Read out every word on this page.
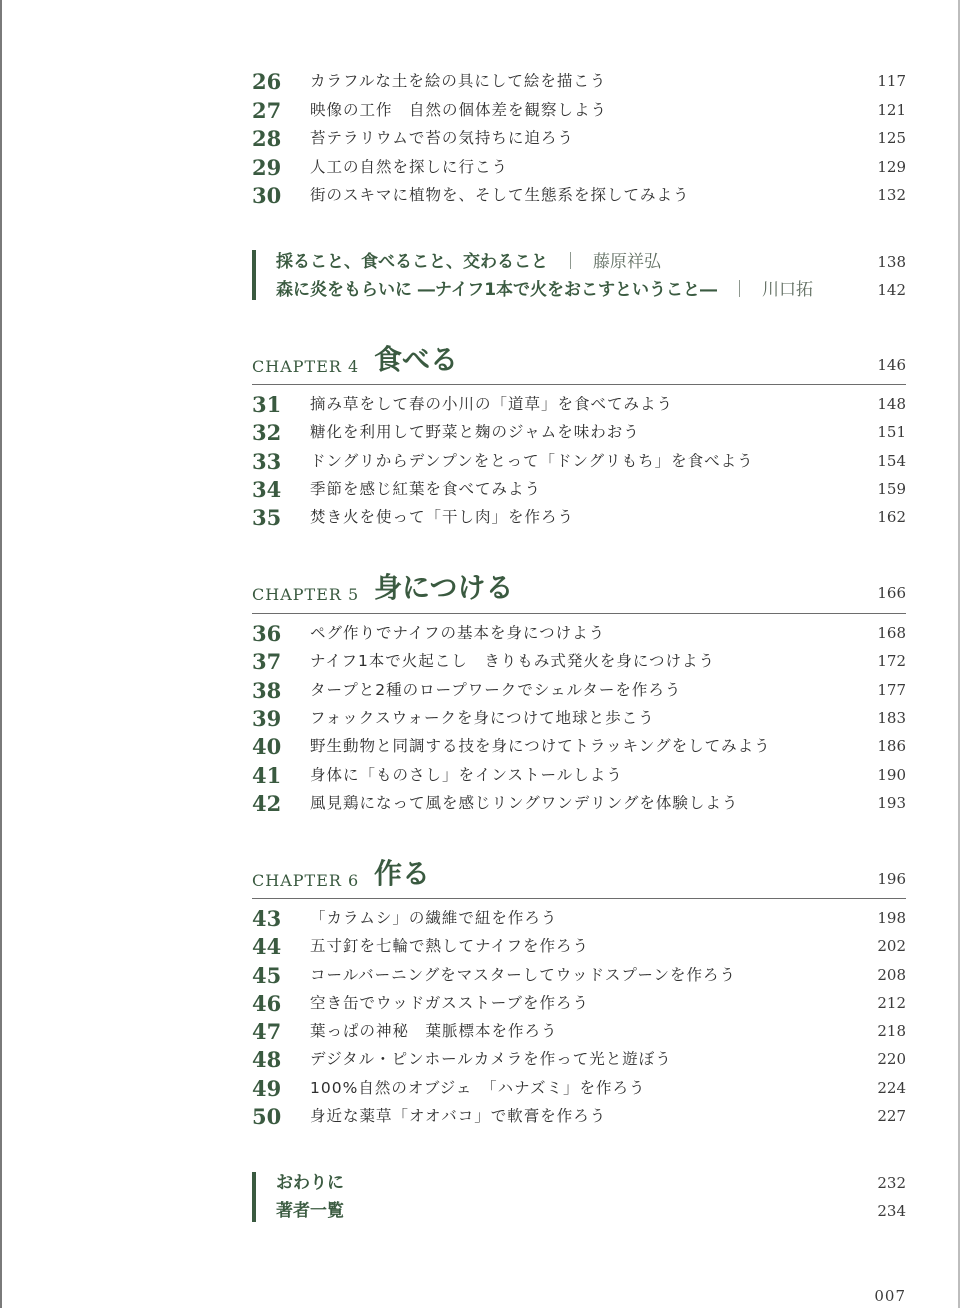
26 カラフルな土を絵の具にして絵を描こう	117
27 映像の工作　自然の個体差を観察しよう	121
28 苔テラリウムで苔の気持ちに迫ろう	125
29 人工の自然を探しに行こう	129
30 街のスキマに植物を、そして生態系を探してみよう	132
採ること、食べること、交わること ｜ 藤原祥弘	138
森に炎をもらいに ―ナイフ1本で火をおこすということ― ｜ 川口拓	142
CHAPTER 4 食べる	146
31 摘み草をして春の小川の「道草」を食べてみよう	148
32 糖化を利用して野菜と麹のジャムを味わおう	151
33 ドングリからデンプンをとって「ドングリもち」を食べよう	154
34 季節を感じ紅葉を食べてみよう	159
35 焚き火を使って「干し肉」を作ろう	162
CHAPTER 5 身につける	166
36 ペグ作りでナイフの基本を身につけよう	168
37 ナイフ1本で火起こし　きりもみ式発火を身につけよう	172
38 タープと2種のロープワークでシェルターを作ろう	177
39 フォックスウォークを身につけて地球と歩こう	183
40 野生動物と同調する技を身につけてトラッキングをしてみよう	186
41 身体に「ものさし」をインストールしよう	190
42 風見鶏になって風を感じリングワンデリングを体験しよう	193
CHAPTER 6 作る	196
43 「カラムシ」の繊維で紐を作ろう	198
44 五寸釘を七輪で熱してナイフを作ろう	202
45 コールバーニングをマスターしてウッドスプーンを作ろう	208
46 空き缶でウッドガスストーブを作ろう	212
47 葉っぱの神秘　葉脈標本を作ろう	218
48 デジタル・ピンホールカメラを作って光と遊ぼう	220
49 100%自然のオブジェ　「ハナズミ」を作ろう	224
50 身近な薬草「オオバコ」で軟膏を作ろう	227
おわりに	232
著者一覧	234
007
